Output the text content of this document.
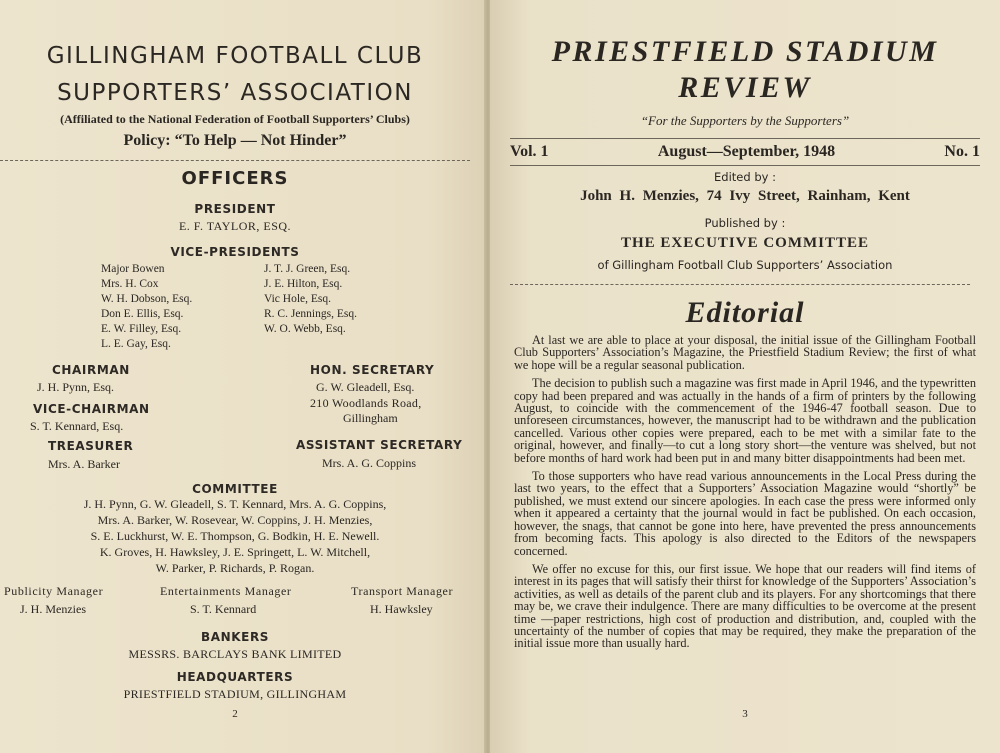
GILLINGHAM FOOTBALL CLUB
SUPPORTERS’ ASSOCIATION
(Affiliated to the National Federation of Football Supporters’ Clubs)
Policy: “To Help — Not Hinder”
OFFICERS
PRESIDENT
E. F. TAYLOR, ESQ.
VICE-PRESIDENTS
Major Bowen
Mrs. H. Cox
W. H. Dobson, Esq.
Don E. Ellis, Esq.
E. W. Filley, Esq.
L. E. Gay, Esq.
J. T. J. Green, Esq.
J. E. Hilton, Esq.
Vic Hole, Esq.
R. C. Jennings, Esq.
W. O. Webb, Esq.
CHAIRMAN
J. H. Pynn, Esq.
VICE-CHAIRMAN
S. T. Kennard, Esq.
TREASURER
Mrs. A. Barker
HON. SECRETARY
G. W. Gleadell, Esq.
210 Woodlands Road,
Gillingham
ASSISTANT SECRETARY
Mrs. A. G. Coppins
COMMITTEE
J. H. Pynn, G. W. Gleadell, S. T. Kennard, Mrs. A. G. Coppins,
Mrs. A. Barker, W. Rosevear, W. Coppins, J. H. Menzies,
S. E. Luckhurst, W. E. Thompson, G. Bodkin, H. E. Newell.
K. Groves, H. Hawksley, J. E. Springett, L. W. Mitchell,
W. Parker, P. Richards, P. Rogan.
Publicity Manager
J. H. Menzies
Entertainments Manager
S. T. Kennard
Transport Manager
H. Hawksley
BANKERS
MESSRS. BARCLAYS BANK LIMITED
HEADQUARTERS
PRIESTFIELD STADIUM, GILLINGHAM
2
PRIESTFIELD STADIUM
REVIEW
“For the Supporters by the Supporters”
Vol. 1	August—September, 1948	No. 1
Edited by :
John H. Menzies, 74 Ivy Street, Rainham, Kent
Published by :
THE EXECUTIVE COMMITTEE
of Gillingham Football Club Supporters’ Association
Editorial

At last we are able to place at your disposal, the initial issue of the Gillingham Football Club Supporters’ Association’s Magazine, the Priestfield Stadium Review; the first of what we hope will be a regular seasonal publication.

The decision to publish such a magazine was first made in April 1946, and the typewritten copy had been prepared and was actually in the hands of a firm of printers by the following August, to coincide with the commencement of the 1946-47 football season. Due to unforeseen circumstances, however, the manuscript had to be withdrawn and the publication cancelled. Various other copies were prepared, each to be met with a similar fate to the original, however, and finally—to cut a long story short—the venture was shelved, but not before months of hard work had been put in and many bitter disappointments had been met.

To those supporters who have read various announcements in the Local Press during the last two years, to the effect that a Supporters’ Association Magazine would “shortly” be published, we must extend our sincere apologies. In each case the press were informed only when it appeared a certainty that the journal would in fact be published. On each occasion, however, the snags, that cannot be gone into here, have prevented the press announcements from becoming facts. This apology is also directed to the Editors of the newspapers concerned.

We offer no excuse for this, our first issue. We hope that our readers will find items of interest in its pages that will satisfy their thirst for knowledge of the Supporters’ Association’s activities, as well as details of the parent club and its players. For any shortcomings that there may be, we crave their indulgence. There are many difficulties to be overcome at the present time —paper restrictions, high cost of production and distribution, and, coupled with the uncertainty of the number of copies that may be required, they make the preparation of the initial issue more than usually hard.

3
